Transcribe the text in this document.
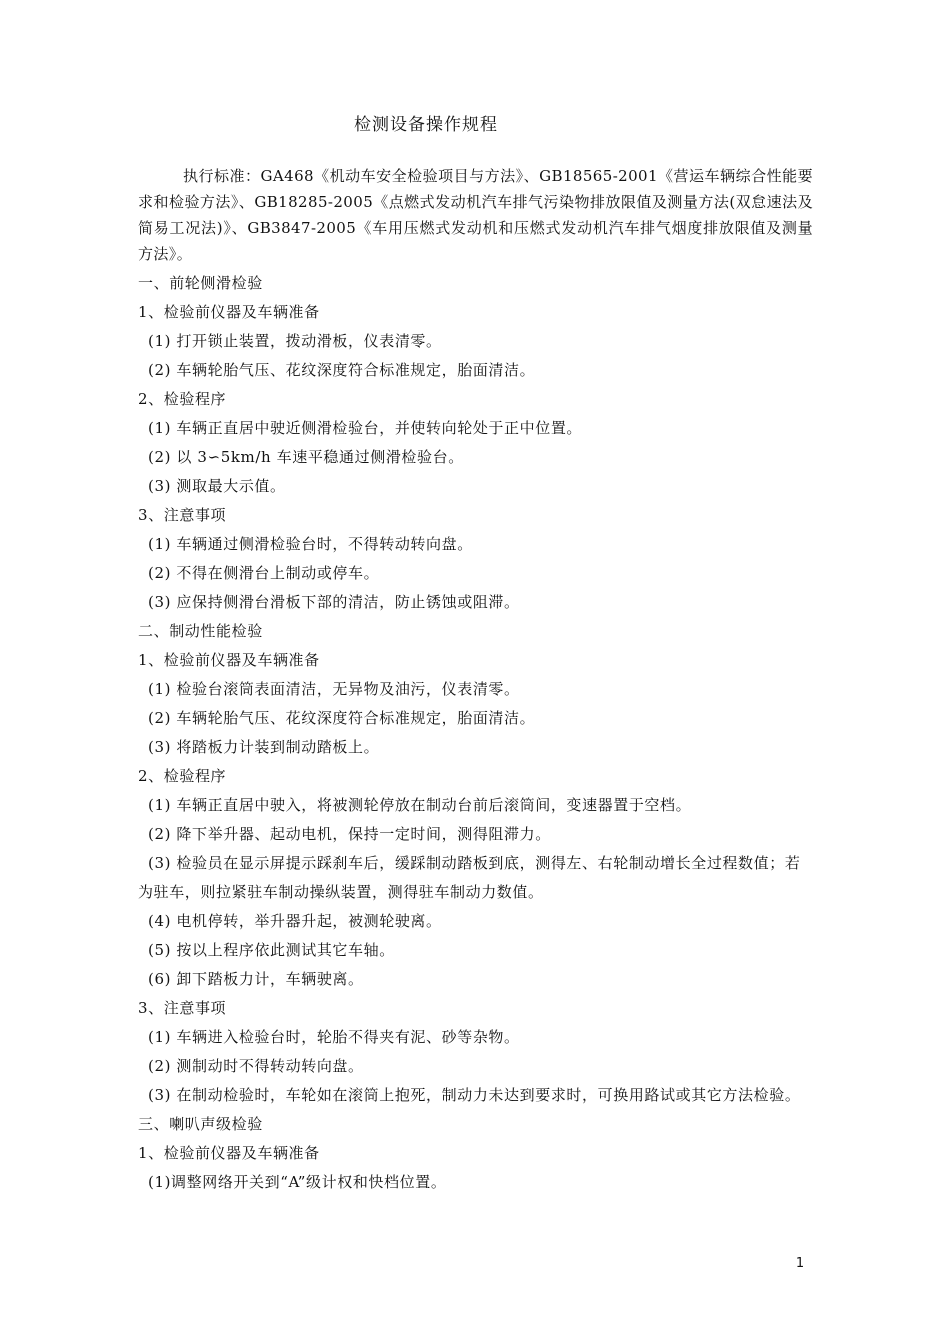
检测设备操作规程

执行标准：GA468《机动车安全检验项目与方法》、GB18565-2001《营运车辆综合性能要求和检验方法》、GB18285-2005《点燃式发动机汽车排气污染物排放限值及测量方法(双怠速法及简易工况法)》、GB3847-2005《车用压燃式发动机和压燃式发动机汽车排气烟度排放限值及测量方法》。

一、前轮侧滑检验

1、检验前仪器及车辆准备

(1) 打开锁止装置，拨动滑板，仪表清零。

(2) 车辆轮胎气压、花纹深度符合标准规定，胎面清洁。

2、检验程序

(1) 车辆正直居中驶近侧滑检验台，并使转向轮处于正中位置。

(2) 以 3∽5km/h 车速平稳通过侧滑检验台。

(3) 测取最大示值。

3、注意事项

(1) 车辆通过侧滑检验台时，不得转动转向盘。

(2) 不得在侧滑台上制动或停车。

(3) 应保持侧滑台滑板下部的清洁，防止锈蚀或阻滞。

二、制动性能检验

1、检验前仪器及车辆准备

(1) 检验台滚筒表面清洁，无异物及油污，仪表清零。

(2) 车辆轮胎气压、花纹深度符合标准规定，胎面清洁。

(3) 将踏板力计装到制动踏板上。

2、检验程序

(1) 车辆正直居中驶入，将被测轮停放在制动台前后滚筒间，变速器置于空档。

(2) 降下举升器、起动电机，保持一定时间，测得阻滞力。

(3) 检验员在显示屏提示踩刹车后，缓踩制动踏板到底，测得左、右轮制动增长全过程数值；若为驻车，则拉紧驻车制动操纵装置，测得驻车制动力数值。

(4) 电机停转，举升器升起，被测轮驶离。

(5) 按以上程序依此测试其它车轴。

(6) 卸下踏板力计，车辆驶离。

3、注意事项

(1) 车辆进入检验台时，轮胎不得夹有泥、砂等杂物。

(2) 测制动时不得转动转向盘。

(3) 在制动检验时，车轮如在滚筒上抱死，制动力未达到要求时，可换用路试或其它方法检验。

三、喇叭声级检验

1、检验前仪器及车辆准备

(1)调整网络开关到“A”级计权和快档位置。

1
